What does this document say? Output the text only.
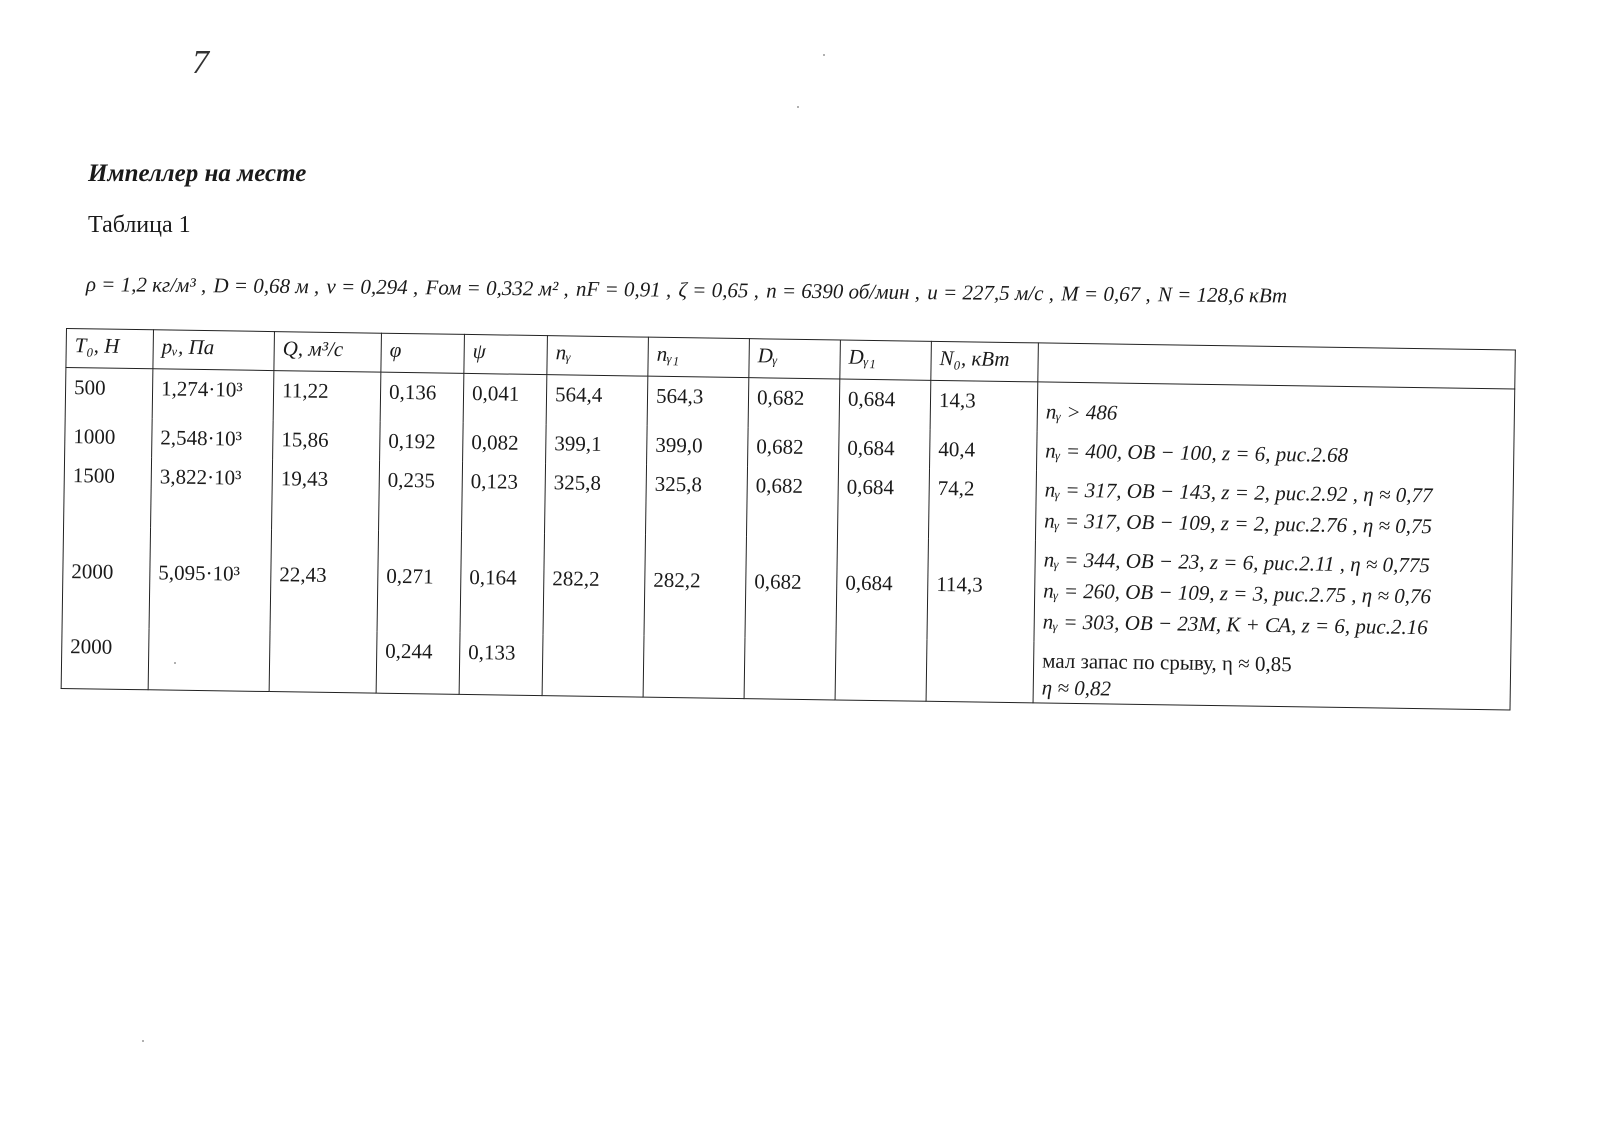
7
Импеллер на месте
Таблица 1
ρ = 1,2 кг/м³ , D = 0,68 м , ν = 0,294 , Fом = 0,332 м² , nF = 0,91 , ζ = 0,65 , n = 6390 об/мин , u = 227,5 м/с , M = 0,67 , N = 128,6 кВт
T₀, Н	pᵥ, Па	Q, м³/с	φ	ψ	nᵧ	nᵧ₁	Dᵧ	Dᵧ₁	N₀, кВт	
500	1,274·10³	11,22	0,136	0,041	564,4	564,3	0,682	0,684	14,3	nᵧ > 486

1000	2,548·10³	15,86	0,192	0,082	399,1	399,0	0,682	0,684	40,4	nᵧ = 400, ОВ − 100, z = 6, рис.2.68

1500	3,822·10³	19,43	0,235	0,123	325,8	325,8	0,682	0,684	74,2	nᵧ = 317, ОВ − 143, z = 2, рис.2.92 , η ≈ 0,77
nᵧ = 317, ОВ − 109, z = 2, рис.2.76 , η ≈ 0,75

2000	5,095·10³	22,43	0,271	0,164	282,2	282,2	0,682	0,684	114,3	nᵧ = 344, ОВ − 23, z = 6, рис.2.11 , η ≈ 0,775
nᵧ = 260, ОВ − 109, z = 3, рис.2.75 , η ≈ 0,76
nᵧ = 303, ОВ − 23М, К + СА, z = 6, рис.2.16

2000			0,244	0,133						мал запас по срыву, η ≈ 0,85
η ≈ 0,82
